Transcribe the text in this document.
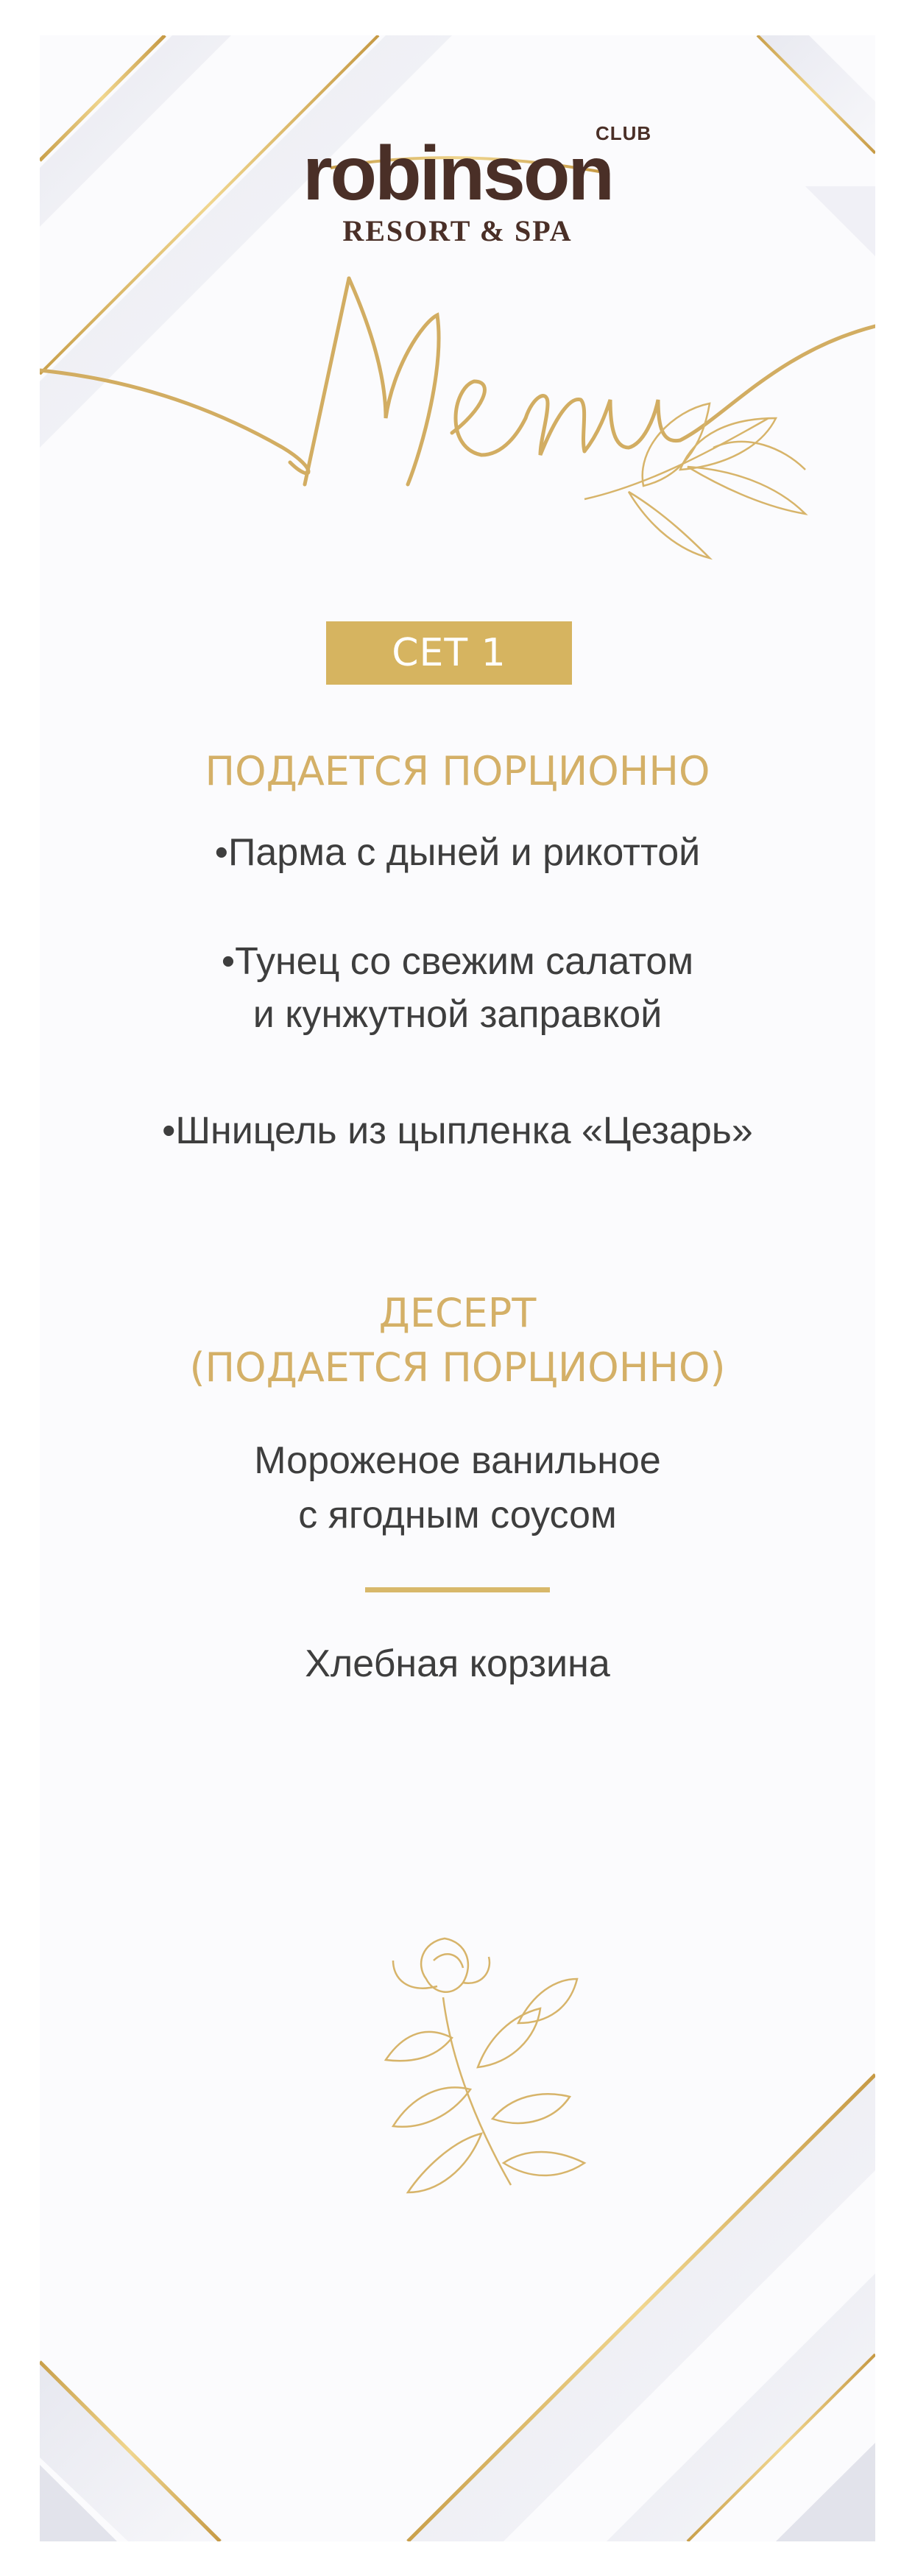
CLUB
robinson
RESORT & SPA
СЕТ 1
ПОДАЕТСЯ ПОРЦИОННО
•Парма с дыней и рикоттой
•Тунец со свежим салатом
и кунжутной заправкой
•Шницель из цыпленка «Цезарь»
ДЕСЕРТ
(ПОДАЕТСЯ ПОРЦИОННО)
Мороженое ванильное
с ягодным соусом
Хлебная корзина
